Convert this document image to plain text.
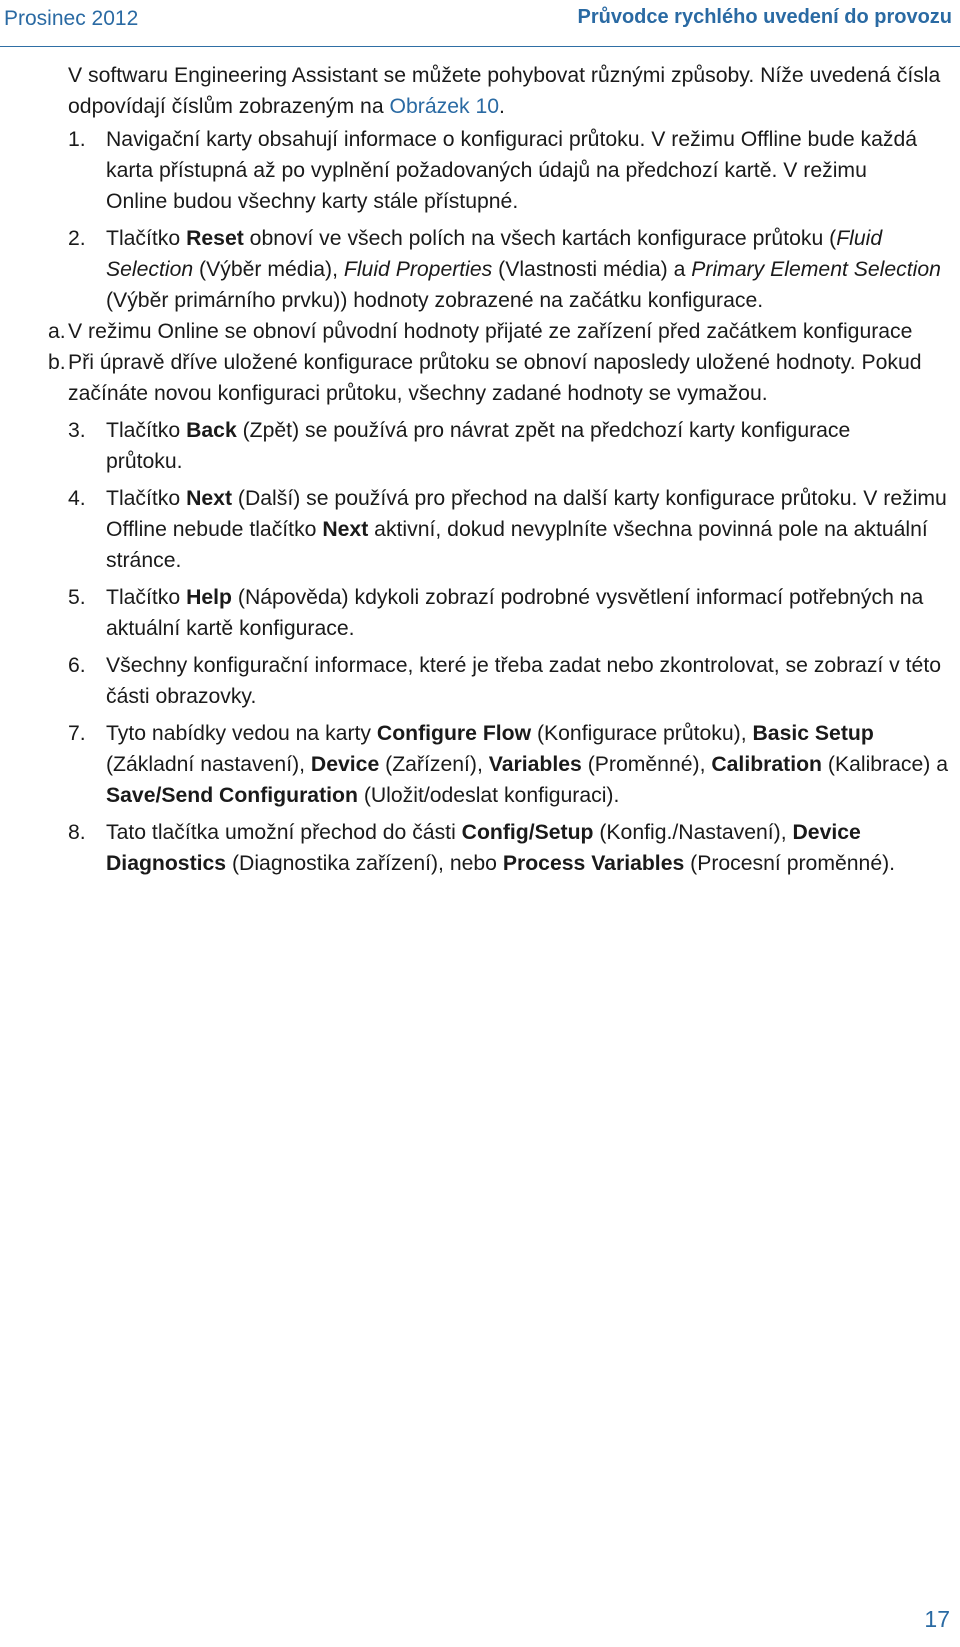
Prosinec 2012	Průvodce rychlého uvedení do provozu

V softwaru Engineering Assistant se můžete pohybovat různými způsoby. Níže uvedená čísla odpovídají číslům zobrazeným na Obrázek 10.

1. Navigační karty obsahují informace o konfiguraci průtoku. V režimu Offline bude každá karta přístupná až po vyplnění požadovaných údajů na předchozí kartě. V režimu Online budou všechny karty stále přístupné.
2. Tlačítko Reset obnoví ve všech polích na všech kartách konfigurace průtoku (Fluid Selection (Výběr média), Fluid Properties (Vlastnosti média) a Primary Element Selection (Výběr primárního prvku)) hodnoty zobrazené na začátku konfigurace.
a. V režimu Online se obnoví původní hodnoty přijaté ze zařízení před začátkem konfigurace
b. Při úpravě dříve uložené konfigurace průtoku se obnoví naposledy uložené hodnoty. Pokud začínáte novou konfiguraci průtoku, všechny zadané hodnoty se vymažou.
3. Tlačítko Back (Zpět) se používá pro návrat zpět na předchozí karty konfigurace průtoku.
4. Tlačítko Next (Další) se používá pro přechod na další karty konfigurace průtoku. V režimu Offline nebude tlačítko Next aktivní, dokud nevyplníte všechna povinná pole na aktuální stránce.
5. Tlačítko Help (Nápověda) kdykoli zobrazí podrobné vysvětlení informací potřebných na aktuální kartě konfigurace.
6. Všechny konfigurační informace, které je třeba zadat nebo zkontrolovat, se zobrazí v této části obrazovky.
7. Tyto nabídky vedou na karty Configure Flow (Konfigurace průtoku), Basic Setup (Základní nastavení), Device (Zařízení), Variables (Proměnné), Calibration (Kalibrace) a Save/Send Configuration (Uložit/odeslat konfiguraci).
8. Tato tlačítka umožní přechod do části Config/Setup (Konfig./Nastavení), Device Diagnostics (Diagnostika zařízení), nebo Process Variables (Procesní proměnné).
17
